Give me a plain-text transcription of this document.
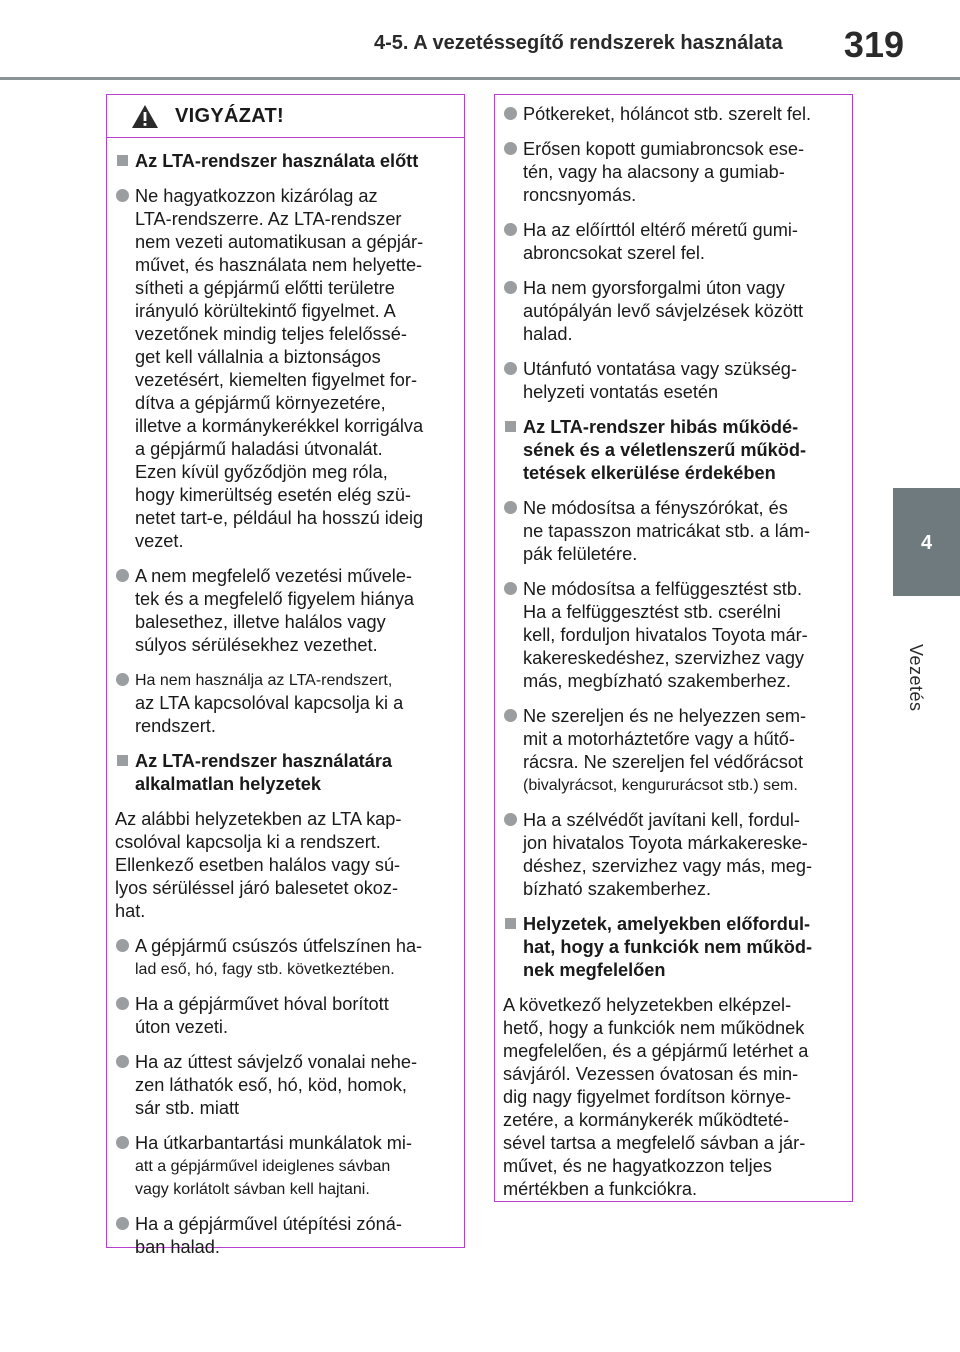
4-5. A vezetéssegítő rendszerek használata	319
4
Vezetés
VIGYÁZAT!
Az LTA-rendszer használata előtt
Ne hagyatkozzon kizárólag az
LTA-rendszerre. Az LTA-rendszer
nem vezeti automatikusan a gépjár-
művet, és használata nem helyette-
sítheti a gépjármű előtti területre
irányuló körültekintő figyelmet. A
vezetőnek mindig teljes felelőssé-
get kell vállalnia a biztonságos
vezetésért, kiemelten figyelmet for-
dítva a gépjármű környezetére,
illetve a kormánykerékkel korrigálva
a gépjármű haladási útvonalát.
Ezen kívül győződjön meg róla,
hogy kimerültség esetén elég szü-
netet tart-e, például ha hosszú ideig
vezet.
A nem megfelelő vezetési művele-
tek és a megfelelő figyelem hiánya
balesethez, illetve halálos vagy
súlyos sérülésekhez vezethet.
Ha nem használja az LTA-rendszert,
az LTA kapcsolóval kapcsolja ki a
rendszert.
Az LTA-rendszer használatára
alkalmatlan helyzetek
Az alábbi helyzetekben az LTA kap-
csolóval kapcsolja ki a rendszert.
Ellenkező esetben halálos vagy sú-
lyos sérüléssel járó balesetet okoz-
hat.
A gépjármű csúszós útfelszínen ha-
lad eső, hó, fagy stb. következtében.
Ha a gépjárművet hóval borított
úton vezeti.
Ha az úttest sávjelző vonalai nehe-
zen láthatók eső, hó, köd, homok,
sár stb. miatt
Ha útkarbantartási munkálatok mi-
att a gépjárművel ideiglenes sávban
vagy korlátolt sávban kell hajtani.
Ha a gépjárművel útépítési zóná-
ban halad.
Pótkereket, hóláncot stb. szerelt fel.
Erősen kopott gumiabroncsok ese-
tén, vagy ha alacsony a gumiab-
roncsnyomás.
Ha az előírttól eltérő méretű gumi-
abroncsokat szerel fel.
Ha nem gyorsforgalmi úton vagy
autópályán levő sávjelzések között
halad.
Utánfutó vontatása vagy szükség-
helyzeti vontatás esetén
Az LTA-rendszer hibás működé-
sének és a véletlenszerű működ-
tetések elkerülése érdekében
Ne módosítsa a fényszórókat, és
ne tapasszon matricákat stb. a lám-
pák felületére.
Ne módosítsa a felfüggesztést stb.
Ha a felfüggesztést stb. cserélni
kell, forduljon hivatalos Toyota már-
kakereskedéshez, szervizhez vagy
más, megbízható szakemberhez.
Ne szereljen és ne helyezzen sem-
mit a motorháztetőre vagy a hűtő-
rácsra. Ne szereljen fel védőrácsot
(bivalyrácsot, kengururácsot stb.) sem.
Ha a szélvédőt javítani kell, fordul-
jon hivatalos Toyota márkakereske-
déshez, szervizhez vagy más, meg-
bízható szakemberhez.
Helyzetek, amelyekben előfordul-
hat, hogy a funkciók nem működ-
nek megfelelően
A következő helyzetekben elképzel-
hető, hogy a funkciók nem működnek
megfelelően, és a gépjármű letérhet a
sávjáról. Vezessen óvatosan és min-
dig nagy figyelmet fordítson környe-
zetére, a kormánykerék működteté-
sével tartsa a megfelelő sávban a jár-
művet, és ne hagyatkozzon teljes
mértékben a funkciókra.
